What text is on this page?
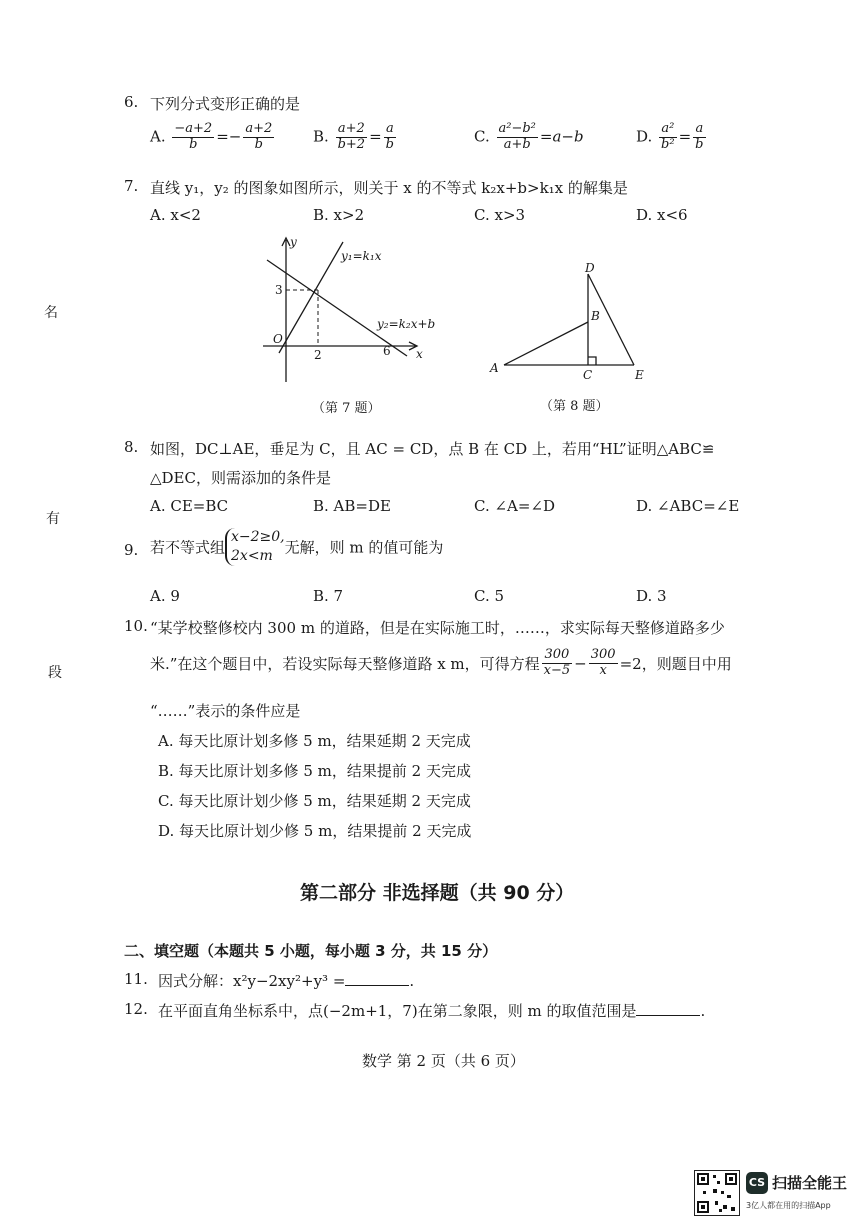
名
有
段
6. 下列分式变形正确的是
A. $\frac{-a+2}{b} =- \frac{a+2}{b}$	B. $\frac{a+2}{b+2} = \frac{a}{b}$	C. $\frac{\text{a²−b²}}{a+b} =a-b$	D. $\frac{\text{a²}}{\text{b²}} = \frac{a}{b}$
7. 直线 y₁，y₂ 的图象如图所示，则关于 x 的不等式 k₂x+b>k₁x 的解集是
A. x<2	B. x>2	C. x>3	D. x<6
y₁=k₁x
y₂=k₂x+b
x
y
O
3
2	6
（第 7 题）
A
B
C
D
E
（第 8 题）
8. 如图，DC⊥AE，垂足为 C，且 AC = CD，点 B 在 CD 上，若用“HL”证明△ABC≌
△DEC，则需添加的条件是
A. CE=BC	B. AB=DE	C. ∠A=∠D	D. ∠ABC=∠E
9. 若不等式组
x−2≥0,
2x<m 无解，则 m 的值可能为
A. 9	B. 7	C. 5	D. 3
10. “某学校整修校内 300 m 的道路，但是在实际施工时，……，求实际每天整修道路多少
米.”在这个题目中，若设实际每天整修道路 x m，可得方程 $\frac{300}{x-5} - \frac{300}{x} =2$，则题目中用
“……”表示的条件应是
A. 每天比原计划多修 5 m，结果延期 2 天完成
B. 每天比原计划多修 5 m，结果提前 2 天完成
C. 每天比原计划少修 5 m，结果延期 2 天完成
D. 每天比原计划少修 5 m，结果提前 2 天完成
第二部分 非选择题（共 90 分）
二、填空题（本题共 5 小题，每小题 3 分，共 15 分）
11. 因式分解：x²y−2xy²+y³ =	.
12. 在平面直角坐标系中，点(−2m+1，7)在第二象限，则 m 的取值范围是	.
数学 第 2 页（共 6 页）
CS 扫描全能王
3亿人都在用的扫描App
